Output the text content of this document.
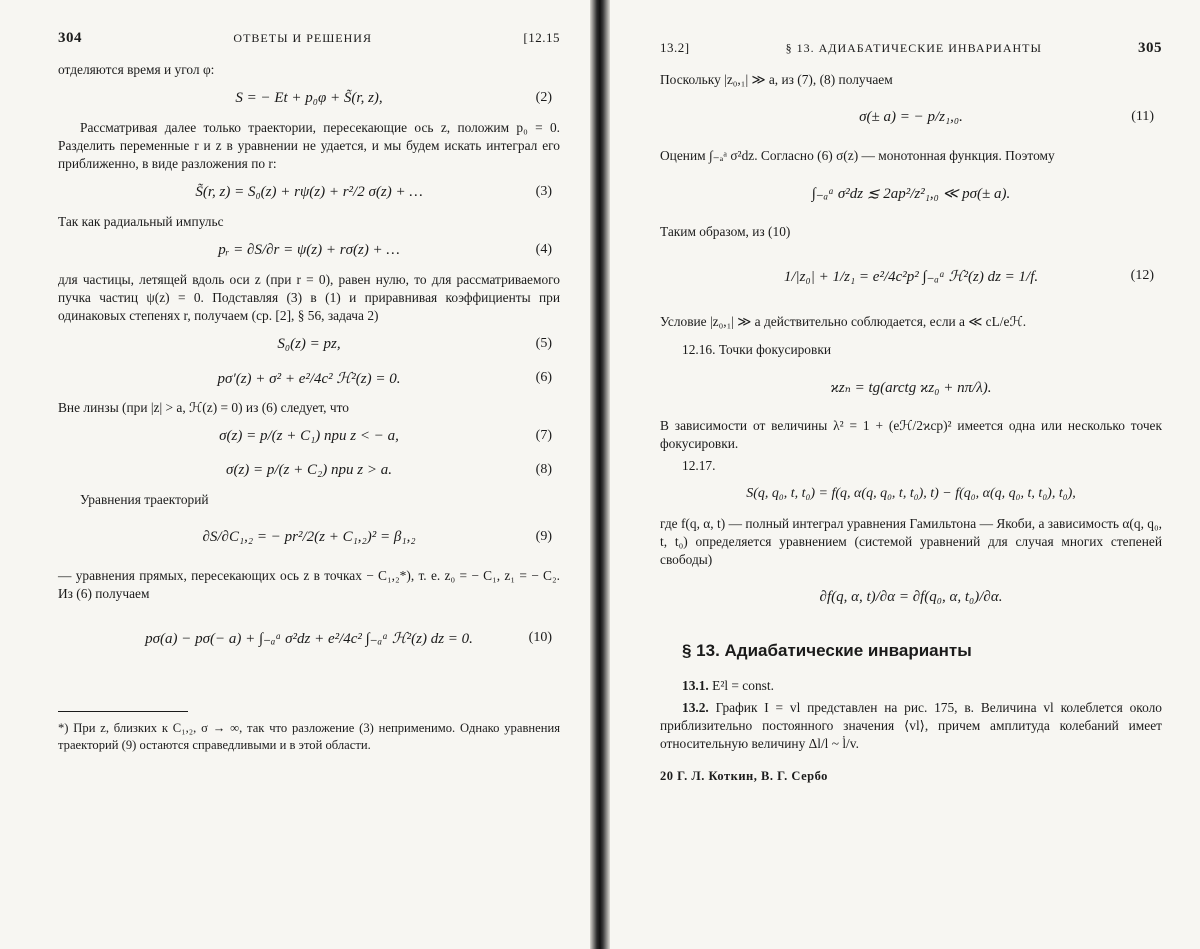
304	ОТВЕТЫ И РЕШЕНИЯ	[12.15

отделяются время и угол φ:

S = − Et + p₀φ + S̃(r, z),	(2)

Рассматривая далее только траектории, пересекающие ось z, положим p₀ = 0. Разделить переменные r и z в уравнении не удается, и мы будем искать интеграл его приближенно, в виде разложения по r:

S̃(r, z) = S₀(z) + rψ(z) + r²/2 σ(z) + …	(3)

Так как радиальный импульс

pᵣ = ∂S/∂r = ψ(z) + rσ(z) + …	(4)

для частицы, летящей вдоль оси z (при r = 0), равен нулю, то для рассматриваемого пучка частиц ψ(z) = 0. Подставляя (3) в (1) и приравнивая коэффициенты при одинаковых степенях r, получаем (ср. [2], § 56, задача 2)

S₀(z) = pz,	(5)
pσ′(z) + σ² + e²/4c² ℋ²(z) = 0.	(6)

Вне линзы (при |z| > a, ℋ(z) = 0) из (6) следует, что

σ(z) = p/(z + C₁) при z < − a,	(7)
σ(z) = p/(z + C₂) при z > a.	(8)

Уравнения траекторий

∂S/∂C₁,₂ = − pr²/2(z + C₁,₂)² = β₁,₂	(9)

— уравнения прямых, пересекающих ось z в точках − C₁,₂*), т. е. z₀ = − C₁, z₁ = − C₂. Из (6) получаем

pσ(a) − pσ(− a) + ∫₋ₐᵃ σ²dz + e²/4c² ∫₋ₐᵃ ℋ²(z) dz = 0.	(10)

*) При z, близких к C₁,₂, σ → ∞, так что разложение (3) неприменимо. Однако уравнения траекторий (9) остаются справедливыми и в этой области.

13.2]	§ 13. АДИАБАТИЧЕСКИЕ ИНВАРИАНТЫ	305

Поскольку |z₀,₁| ≫ a, из (7), (8) получаем

σ(± a) = − p/z₁,₀.	(11)

Оценим ∫₋ₐᵃ σ²dz. Согласно (6) σ(z) — монотонная функция. Поэтому

∫₋ₐᵃ σ²dz ≲ 2ap²/z²₁,₀ ≪ pσ(± a).

Таким образом, из (10)

1/|z₀| + 1/z₁ = e²/4c²p² ∫₋ₐᵃ ℋ²(z) dz = 1/f.	(12)

Условие |z₀,₁| ≫ a действительно соблюдается, если a ≪ cL/eℋ.

12.16. Точки фокусировки

ϰzₙ = tg(arctg ϰz₀ + nπ/λ).

В зависимости от величины λ² = 1 + (eℋ/2ϰcp)² имеется одна или несколько точек фокусировки.

12.17.

S(q, q₀, t, t₀) = f(q, α(q, q₀, t, t₀), t) − f(q₀, α(q, q₀, t, t₀), t₀),

где f(q, α, t) — полный интеграл уравнения Гамильтона — Якоби, а зависимость α(q, q₀, t, t₀) определяется уравнением (системой уравнений для случая многих степеней свободы)

∂f(q, α, t)/∂α = ∂f(q₀, α, t₀)/∂α.
§ 13. Адиабатические инварианты

13.1. E²l = const.

13.2. График I = vl представлен на рис. 175, в. Величина vl колеблется около приблизительно постоянного значения ⟨vl⟩, причем амплитуда колебаний имеет относительную величину Δl/l ~ l̇/v.

20 Г. Л. Коткин, В. Г. Сербо
